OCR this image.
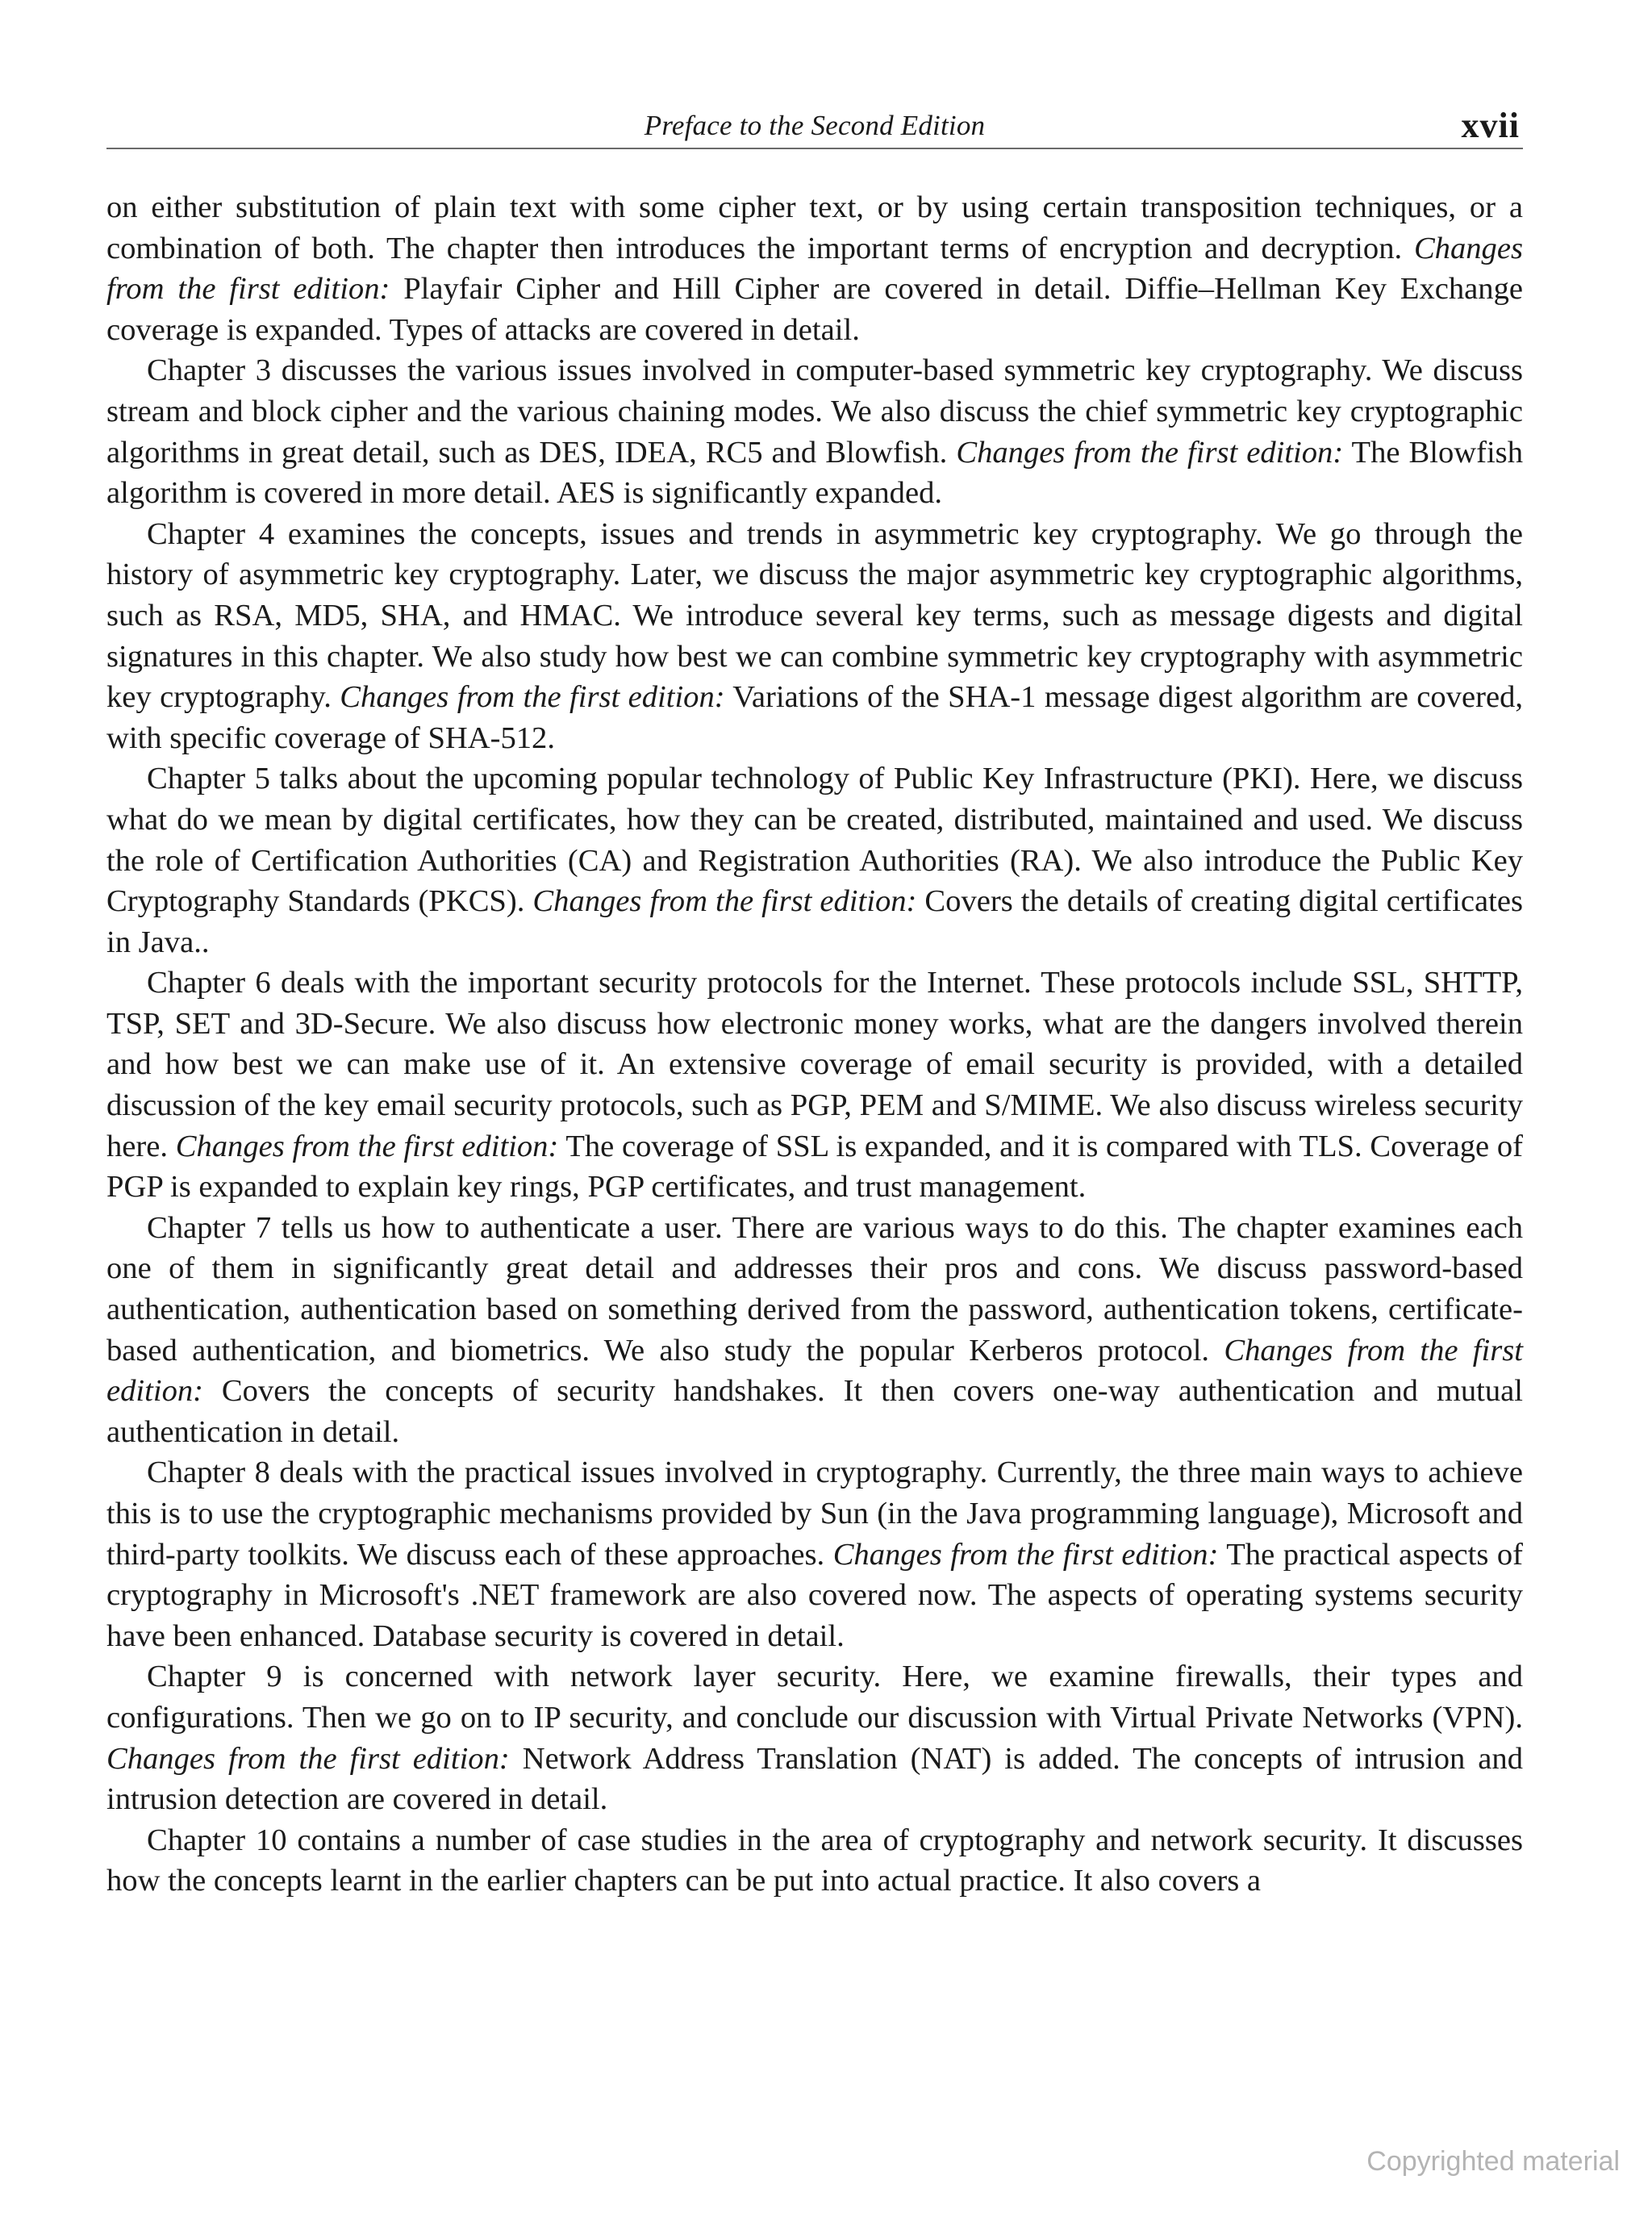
Preface to the Second Edition	xvii

on either substitution of plain text with some cipher text, or by using certain transposition techniques, or a combination of both. The chapter then introduces the important terms of encryption and decryption. Changes from the first edition: Playfair Cipher and Hill Cipher are covered in detail. Diffie–Hellman Key Exchange coverage is expanded. Types of attacks are covered in detail.

Chapter 3 discusses the various issues involved in computer-based symmetric key cryptography. We discuss stream and block cipher and the various chaining modes. We also discuss the chief symmetric key cryptographic algorithms in great detail, such as DES, IDEA, RC5 and Blowfish. Changes from the first edition: The Blowfish algorithm is covered in more detail. AES is significantly expanded.

Chapter 4 examines the concepts, issues and trends in asymmetric key cryptography. We go through the history of asymmetric key cryptography. Later, we discuss the major asymmetric key cryptographic algorithms, such as RSA, MD5, SHA, and HMAC. We introduce several key terms, such as message digests and digital signatures in this chapter. We also study how best we can combine symmetric key cryptography with asymmetric key cryptography. Changes from the first edition: Variations of the SHA-1 message digest algorithm are covered, with specific coverage of SHA-512.

Chapter 5 talks about the upcoming popular technology of Public Key Infrastructure (PKI). Here, we discuss what do we mean by digital certificates, how they can be created, distributed, maintained and used. We discuss the role of Certification Authorities (CA) and Registration Authorities (RA). We also introduce the Public Key Cryptography Standards (PKCS). Changes from the first edition: Covers the details of creating digital certificates in Java..

Chapter 6 deals with the important security protocols for the Internet. These protocols include SSL, SHTTP, TSP, SET and 3D-Secure. We also discuss how electronic money works, what are the dangers involved therein and how best we can make use of it. An extensive coverage of email security is provided, with a detailed discussion of the key email security protocols, such as PGP, PEM and S/MIME. We also discuss wireless security here. Changes from the first edition: The coverage of SSL is expanded, and it is compared with TLS. Coverage of PGP is expanded to explain key rings, PGP certificates, and trust management.

Chapter 7 tells us how to authenticate a user. There are various ways to do this. The chapter examines each one of them in significantly great detail and addresses their pros and cons. We discuss password-based authentication, authentication based on something derived from the password, authentication tokens, certificate-based authentication, and biometrics. We also study the popular Kerberos protocol. Changes from the first edition: Covers the concepts of security handshakes. It then covers one-way authentication and mutual authentication in detail.

Chapter 8 deals with the practical issues involved in cryptography. Currently, the three main ways to achieve this is to use the cryptographic mechanisms provided by Sun (in the Java programming language), Microsoft and third-party toolkits. We discuss each of these approaches. Changes from the first edition: The practical aspects of cryptography in Microsoft's .NET framework are also covered now. The aspects of operating systems security have been enhanced. Database security is covered in detail.

Chapter 9 is concerned with network layer security. Here, we examine firewalls, their types and configurations. Then we go on to IP security, and conclude our discussion with Virtual Private Networks (VPN). Changes from the first edition: Network Address Translation (NAT) is added. The concepts of intrusion and intrusion detection are covered in detail.

Chapter 10 contains a number of case studies in the area of cryptography and network security. It discusses how the concepts learnt in the earlier chapters can be put into actual practice. It also covers a

Copyrighted material
